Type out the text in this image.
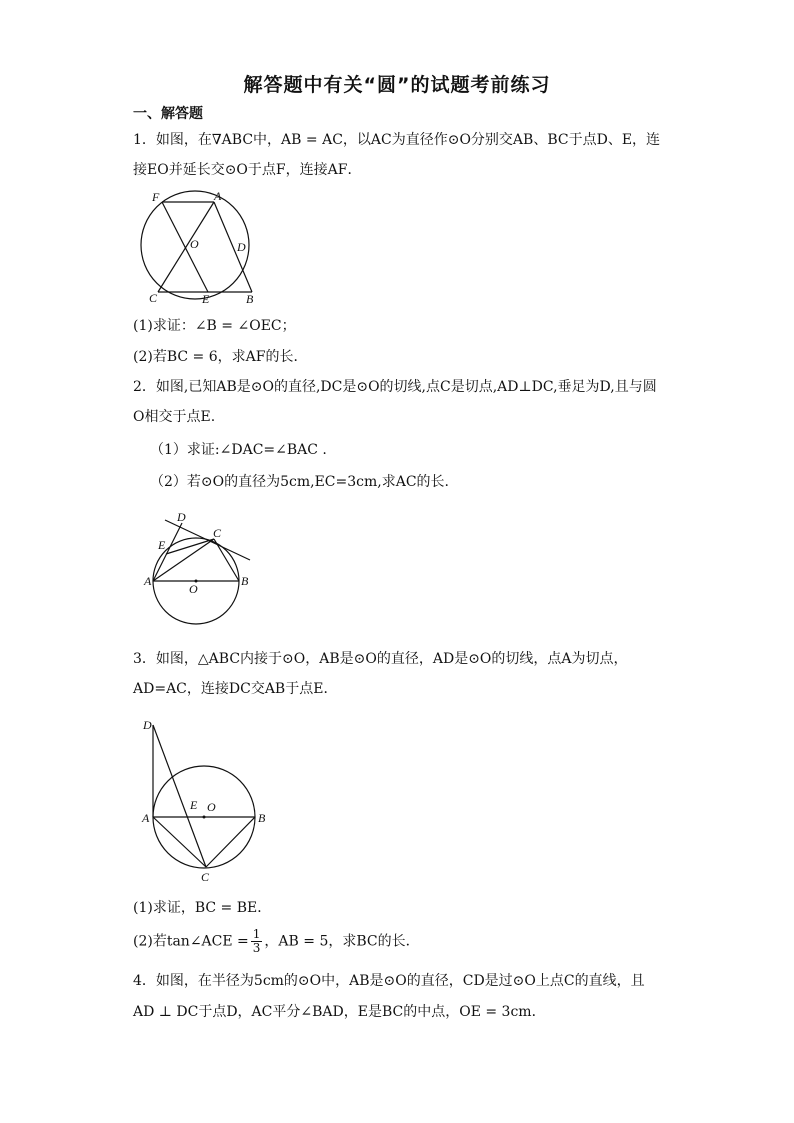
解答题中有关“圆”的试题考前练习
一、解答题
1．如图，在∇ABC中，AB = AC，以AC为直径作⊙O分别交AB、BC于点D、E，连
接EO并延长交⊙O于点F，连接AF．
F	A
O	D
C	E	B
(1)求证：∠B = ∠OEC；
(2)若BC = 6，求AF的长．
2．如图,已知AB是⊙O的直径,DC是⊙O的切线,点C是切点,AD⊥DC,垂足为D,且与圆
O相交于点E.
（1）求证:∠DAC=∠BAC .
（2）若⊙O的直径为5cm,EC=3cm,求AC的长.
D
C
E
A
O
B
3．如图，△ABC内接于⊙O，AB是⊙O的直径，AD是⊙O的切线，点A为切点，
AD=AC，连接DC交AB于点E．
D
E O
A	B
C
(1)求证，BC = BE．
(2)若tan∠ACE = $\frac{1}{3}$ ，AB = 5，求BC的长．
4．如图，在半径为5cm的⊙O中，AB是⊙O的直径，CD是过⊙O上点C的直线，且
AD ⊥ DC于点D，AC平分∠BAD，E是BC的中点，OE = 3cm．
